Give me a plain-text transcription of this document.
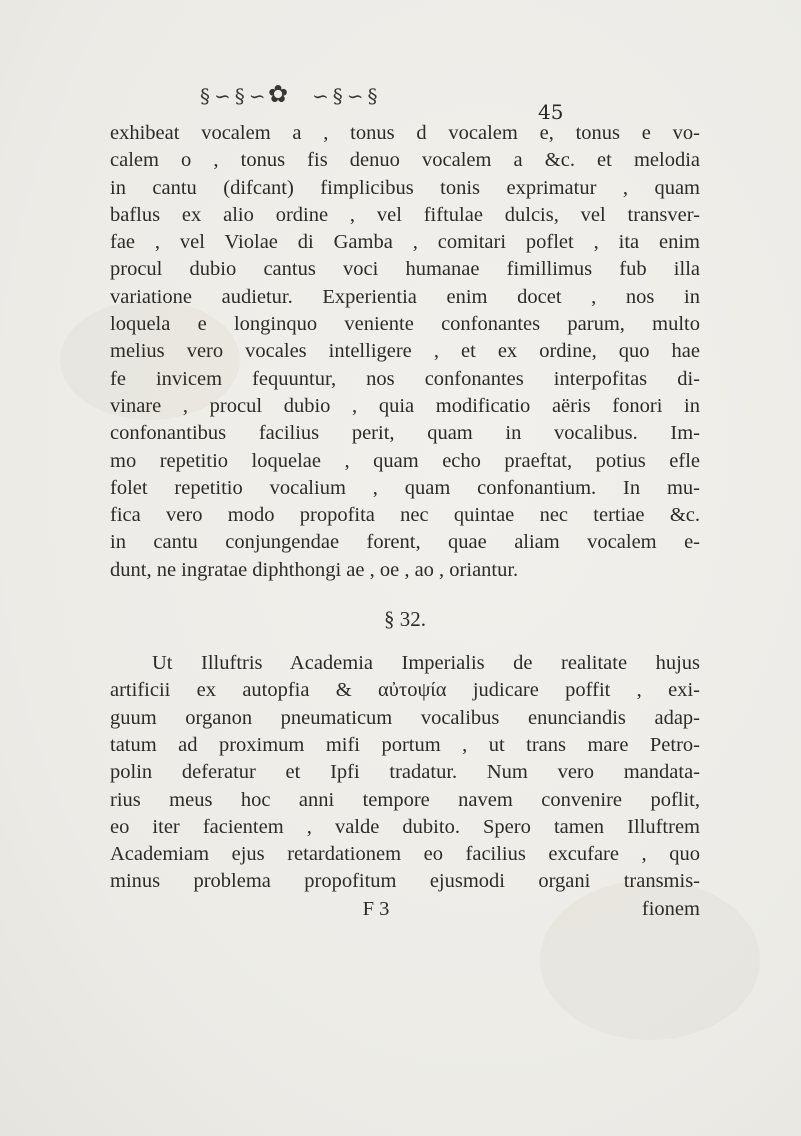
§∽§∽
✿ ∽§∽§
45
exhibeat vocalem a , tonus d vocalem e, tonus e vo-
calem o , tonus fis denuo vocalem a &c. et melodia
in cantu (difcant) fimplicibus tonis exprimatur , quam
baflus ex alio ordine , vel fiftulae dulcis, vel transver-
fae , vel Violae di Gamba , comitari poflet , ita enim
procul dubio cantus voci humanae fimillimus fub illa
variatione audietur. Experientia enim docet , nos in
loquela e longinquo veniente confonantes parum, multo
melius vero vocales intelligere , et ex ordine, quo hae
fe invicem fequuntur, nos confonantes interpofitas di-
vinare , procul dubio , quia modificatio aëris fonori in
confonantibus facilius perit, quam in vocalibus. Im-
mo repetitio loquelae , quam echo praeftat, potius efle
folet repetitio vocalium , quam confonantium. In mu-
fica vero modo propofita nec quintae nec tertiae &c.
in cantu conjungendae forent, quae aliam vocalem e-
dunt, ne ingratae diphthongi ae , oe , ao , oriantur.
§ 32.
Ut Illuftris Academia Imperialis de realitate hujus
artificii ex autopfia & αὐτοψία judicare poffit , exi-
guum organon pneumaticum vocalibus enunciandis adap-
tatum ad proximum mifi portum , ut trans mare Petro-
polin deferatur et Ipfi tradatur. Num vero mandata-
rius meus hoc anni tempore navem convenire poflit,
eo iter facientem , valde dubito. Spero tamen Illuftrem
Academiam ejus retardationem eo facilius excufare , quo
minus problema propofitum ejusmodi organi transmis-
F 3	fionem
